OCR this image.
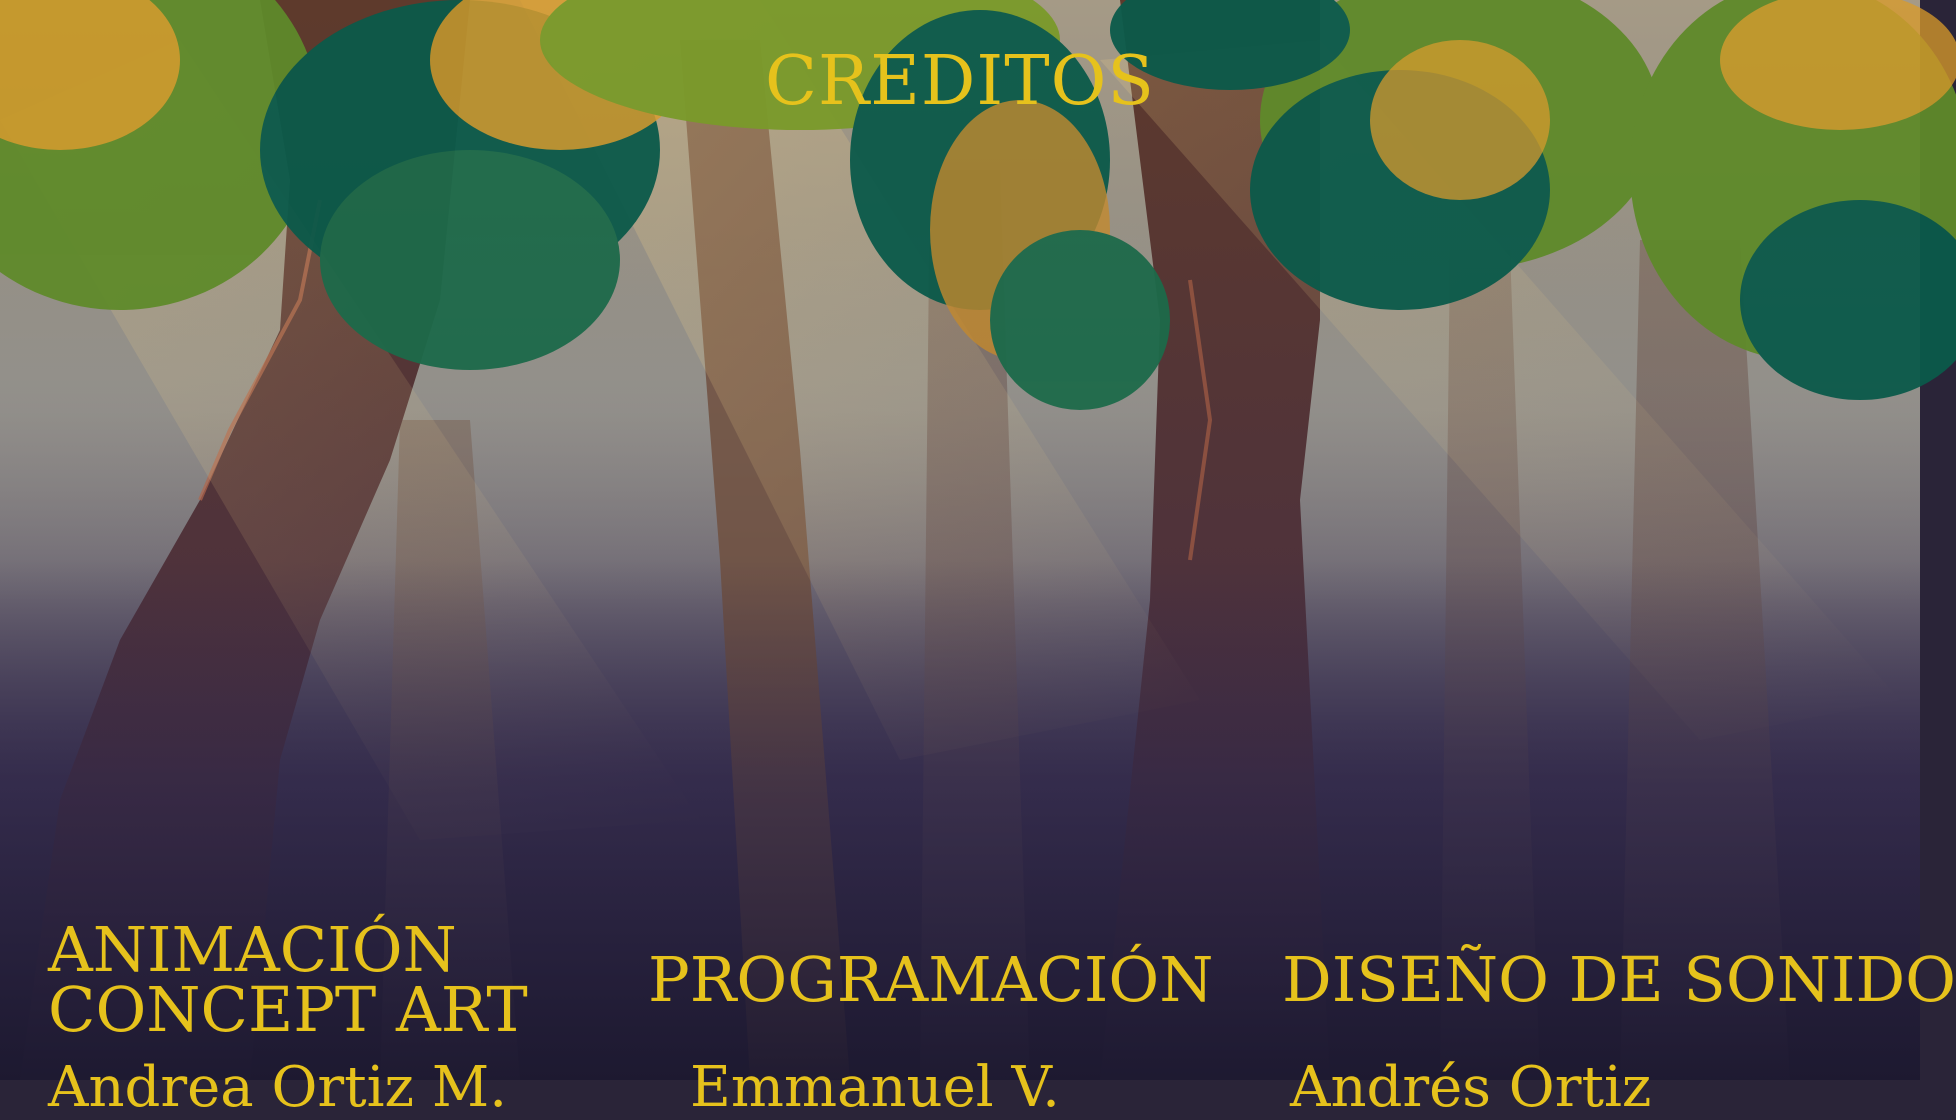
CREDITOS
ANIMACIÓN
CONCEPT ART PROGRAMACIÓN DISEÑO DE SONIDO
Andrea Ortiz M.	Emmanuel V.	Andrés Ortiz
